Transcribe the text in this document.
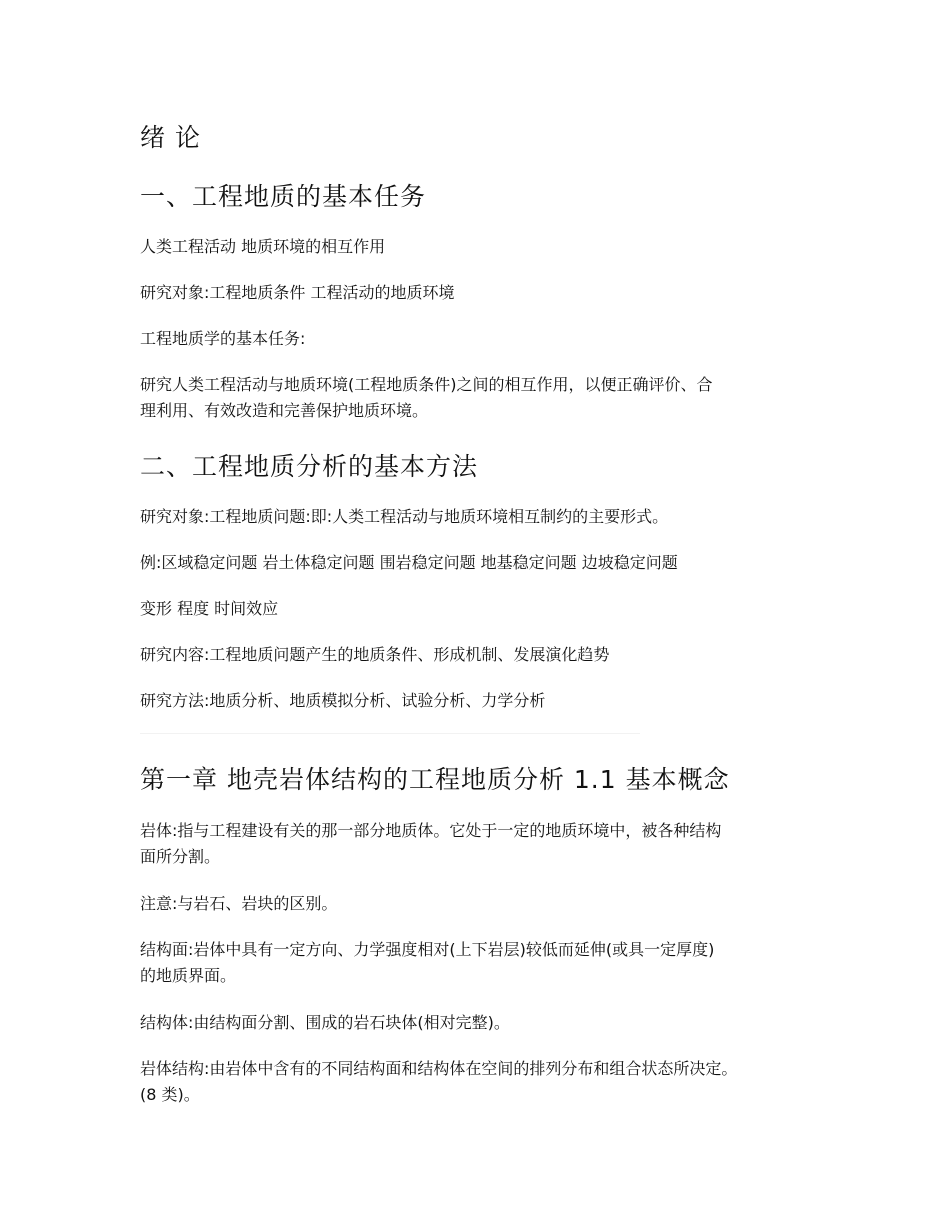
绪 论
一、工程地质的基本任务

人类工程活动 地质环境的相互作用

研究对象:工程地质条件 工程活动的地质环境

工程地质学的基本任务:

研究人类工程活动与地质环境(工程地质条件)之间的相互作用，以便正确评价、合
理利用、有效改造和完善保护地质环境。

二、工程地质分析的基本方法

研究对象:工程地质问题:即:人类工程活动与地质环境相互制约的主要形式。

例:区域稳定问题 岩土体稳定问题 围岩稳定问题 地基稳定问题 边坡稳定问题

变形 程度 时间效应

研究内容:工程地质问题产生的地质条件、形成机制、发展演化趋势

研究方法:地质分析、地质模拟分析、试验分析、力学分析

第一章 地壳岩体结构的工程地质分析 1.1 基本概念

岩体:指与工程建设有关的那一部分地质体。它处于一定的地质环境中，被各种结构
面所分割。

注意:与岩石、岩块的区别。

结构面:岩体中具有一定方向、力学强度相对(上下岩层)较低而延伸(或具一定厚度)
的地质界面。

结构体:由结构面分割、围成的岩石块体(相对完整)。

岩体结构:由岩体中含有的不同结构面和结构体在空间的排列分布和组合状态所决定。
(8 类)。
